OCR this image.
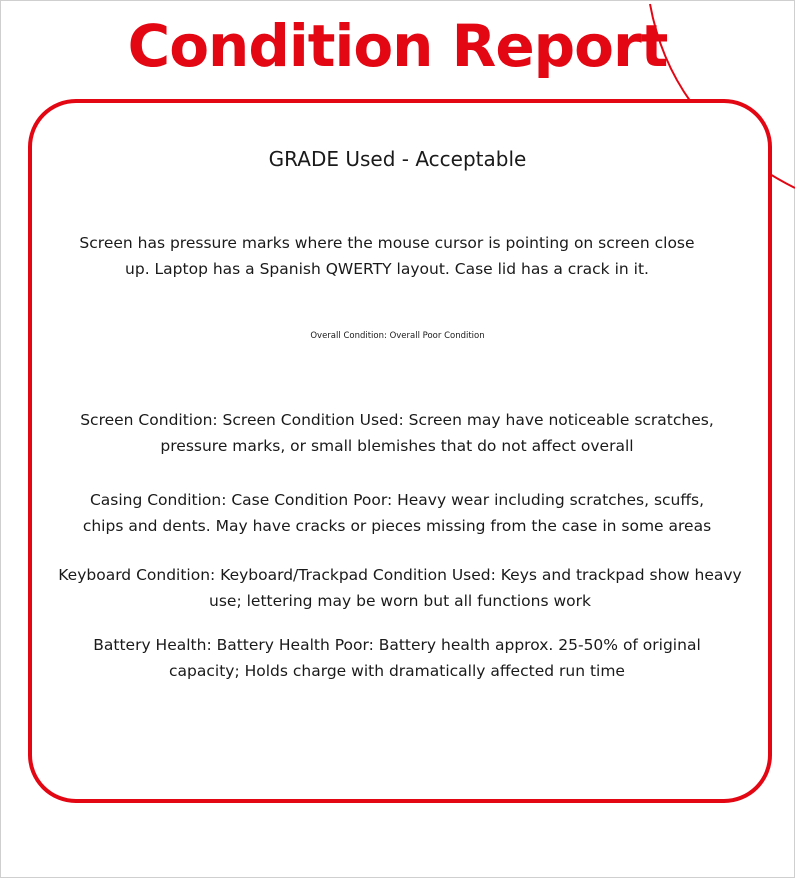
Condition Report

GRADE Used - Acceptable

Screen has pressure marks where the mouse cursor is pointing on screen close up. Laptop has a Spanish QWERTY layout. Case lid has a crack in it.

Overall Condition: Overall Poor Condition

Screen Condition: Screen Condition Used: Screen may have noticeable scratches, pressure marks, or small blemishes that do not affect overall

Casing Condition: Case Condition Poor: Heavy wear including scratches, scuffs, chips and dents. May have cracks or pieces missing from the case in some areas

Keyboard Condition: Keyboard/Trackpad Condition Used: Keys and trackpad show heavy use; lettering may be worn but all functions work

Battery Health: Battery Health Poor: Battery health approx. 25-50% of original capacity; Holds charge with dramatically affected run time
